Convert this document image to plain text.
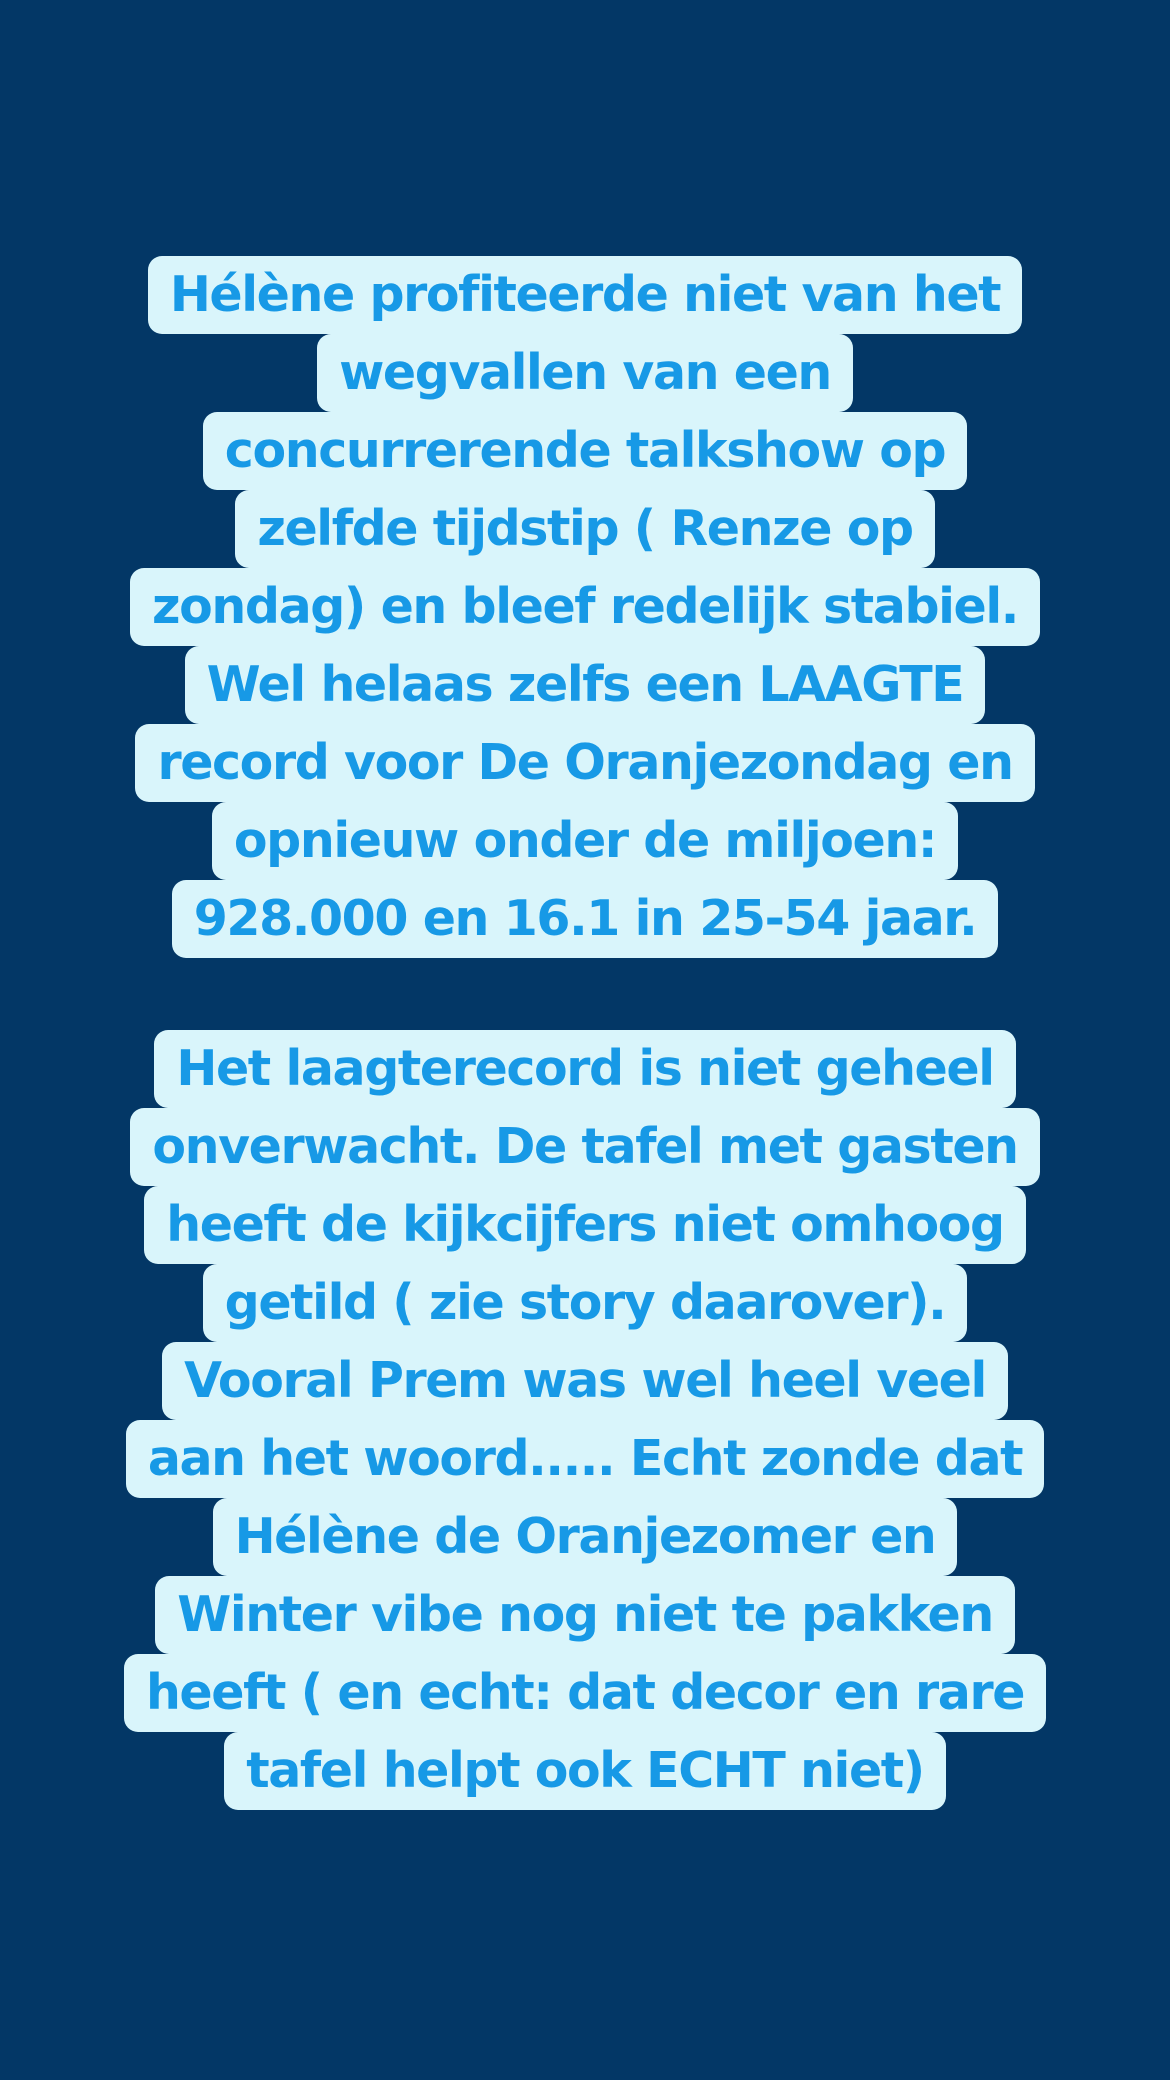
Hélène profiteerde niet van het
wegvallen van een
concurrerende talkshow op
zelfde tijdstip ( Renze op
zondag) en bleef redelijk stabiel.
Wel helaas zelfs een LAAGTE
record voor De Oranjezondag en
opnieuw onder de miljoen:
928.000 en 16.1 in 25-54 jaar.
Het laagterecord is niet geheel
onverwacht. De tafel met gasten
heeft de kijkcijfers niet omhoog
getild ( zie story daarover).
Vooral Prem was wel heel veel
aan het woord..... Echt zonde dat
Hélène de Oranjezomer en
Winter vibe nog niet te pakken
heeft ( en echt: dat decor en rare
tafel helpt ook ECHT niet)
